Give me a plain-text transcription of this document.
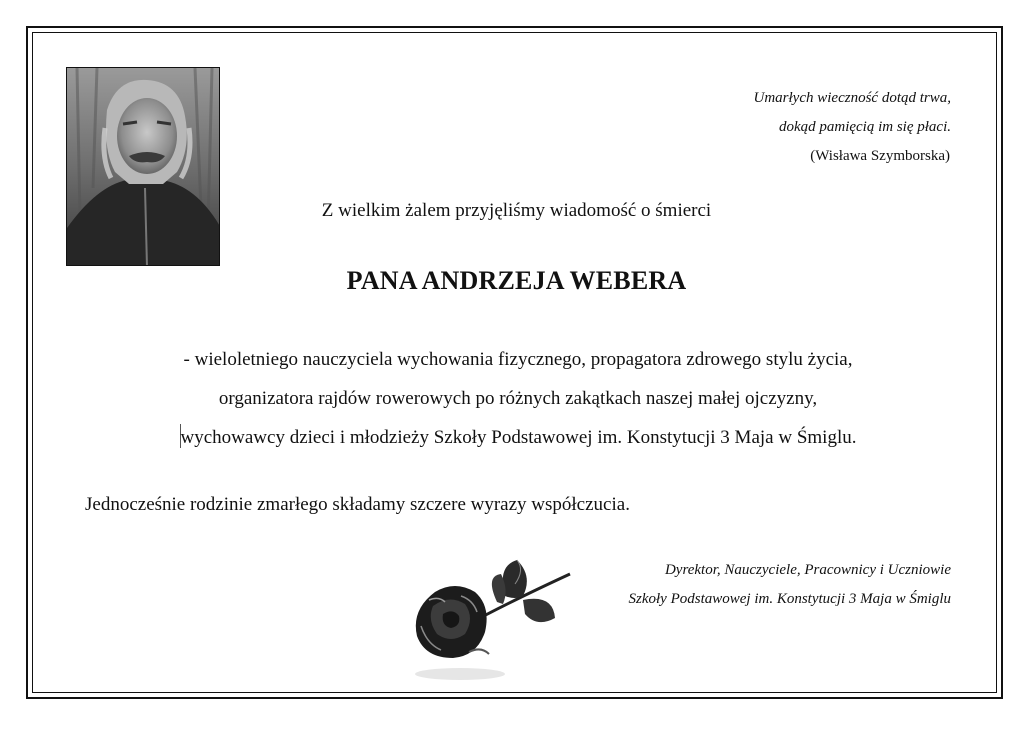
Umarłych wieczność dotąd trwa,
dokąd pamięcią im się płaci.
(Wisława Szymborska)
Z wielkim żalem przyjęliśmy wiadomość o śmierci
PANA ANDRZEJA WEBERA
- wieloletniego nauczyciela wychowania fizycznego, propagatora zdrowego stylu życia,
organizatora rajdów rowerowych po różnych zakątkach naszej małej ojczyzny,
wychowawcy dzieci i młodzieży Szkoły Podstawowej im. Konstytucji 3 Maja w Śmiglu.
Jednocześnie rodzinie zmarłego składamy szczere wyrazy współczucia.
Dyrektor, Nauczyciele, Pracownicy i Uczniowie
Szkoły Podstawowej im. Konstytucji 3 Maja w Śmiglu
